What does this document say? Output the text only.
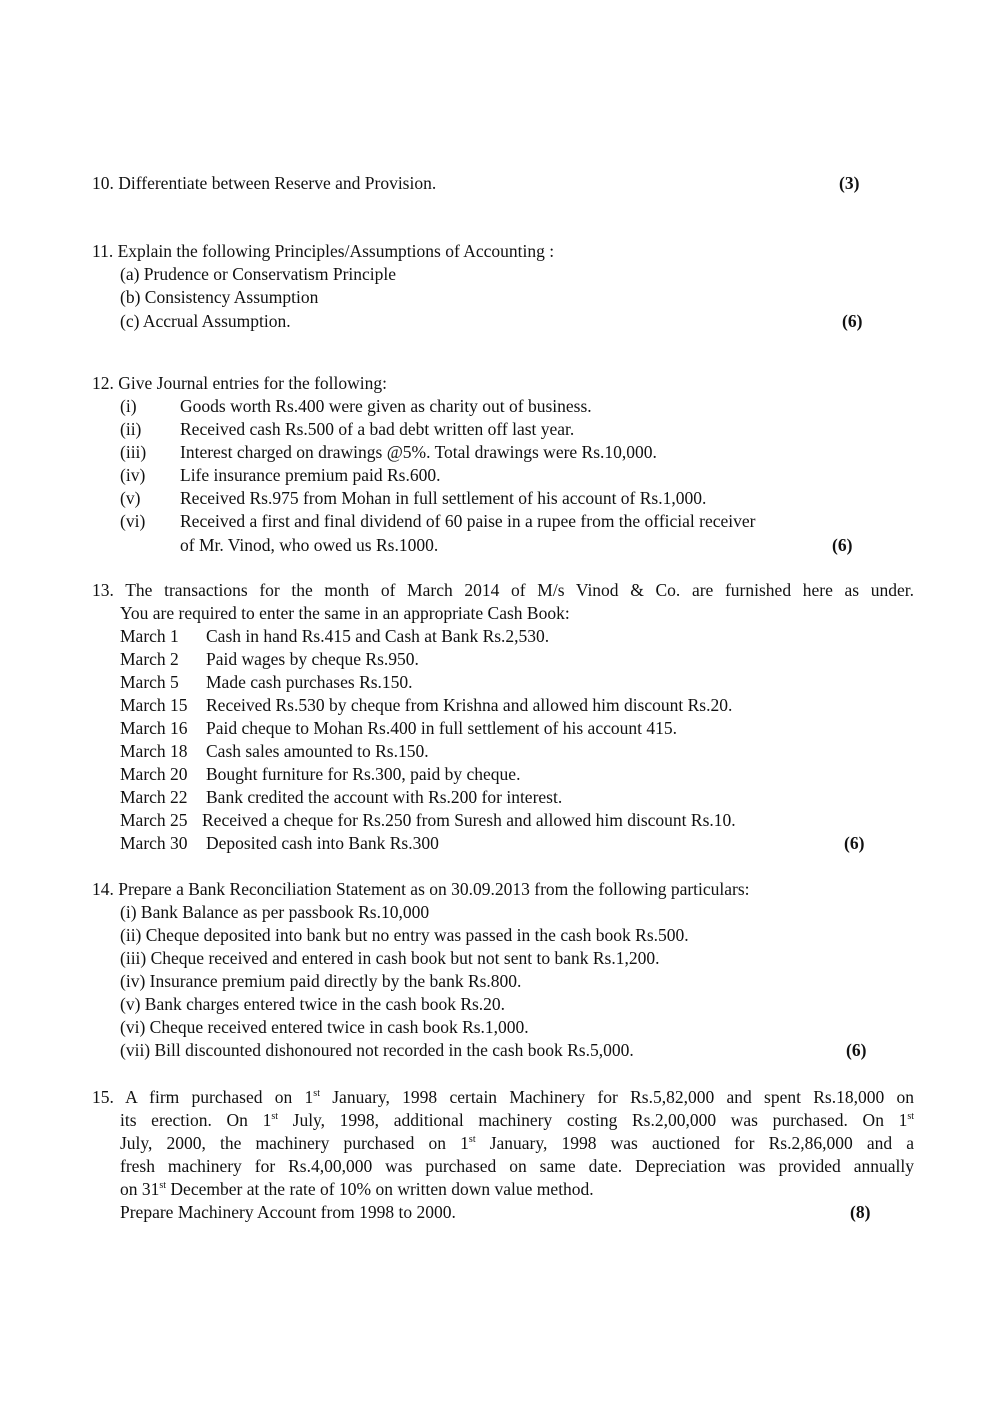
10. Differentiate between Reserve and Provision.	(3)
11. Explain the following Principles/Assumptions of Accounting :
(a) Prudence or Conservatism Principle
(b) Consistency Assumption
(c) Accrual Assumption.	(6)
12. Give Journal entries for the following:
(i) Goods worth Rs.400 were given as charity out of business.
(ii) Received cash Rs.500 of a bad debt written off last year.
(iii) Interest charged on drawings @5%. Total drawings were Rs.10,000.
(iv) Life insurance premium paid Rs.600.
(v) Received Rs.975 from Mohan in full settlement of his account of Rs.1,000.
(vi) Received a first and final dividend of 60 paise in a rupee from the official receiver
of Mr. Vinod, who owed us Rs.1000.	(6)
13. The transactions for the month of March 2014 of M/s Vinod & Co. are furnished here as under.
You are required to enter the same in an appropriate Cash Book:
March 1 Cash in hand Rs.415 and Cash at Bank Rs.2,530.
March 2 Paid wages by cheque Rs.950.
March 5 Made cash purchases Rs.150.
March 15 Received Rs.530 by cheque from Krishna and allowed him discount Rs.20.
March 16 Paid cheque to Mohan Rs.400 in full settlement of his account 415.
March 18 Cash sales amounted to Rs.150.
March 20 Bought furniture for Rs.300, paid by cheque.
March 22 Bank credited the account with Rs.200 for interest.
March 25 Received a cheque for Rs.250 from Suresh and allowed him discount Rs.10.
March 30 Deposited cash into Bank Rs.300	(6)
14. Prepare a Bank Reconciliation Statement as on 30.09.2013 from the following particulars:
(i) Bank Balance as per passbook Rs.10,000
(ii) Cheque deposited into bank but no entry was passed in the cash book Rs.500.
(iii) Cheque received and entered in cash book but not sent to bank Rs.1,200.
(iv) Insurance premium paid directly by the bank Rs.800.
(v) Bank charges entered twice in the cash book Rs.20.
(vi) Cheque received entered twice in cash book Rs.1,000.
(vii) Bill discounted dishonoured not recorded in the cash book Rs.5,000.	(6)
15. A firm purchased on 1st January, 1998 certain Machinery for Rs.5,82,000 and spent Rs.18,000 on
its erection. On 1st July, 1998, additional machinery costing Rs.2,00,000 was purchased. On 1st
July, 2000, the machinery purchased on 1st January, 1998 was auctioned for Rs.2,86,000 and a
fresh machinery for Rs.4,00,000 was purchased on same date. Depreciation was provided annually
on 31st December at the rate of 10% on written down value method.
Prepare Machinery Account from 1998 to 2000.	(8)
